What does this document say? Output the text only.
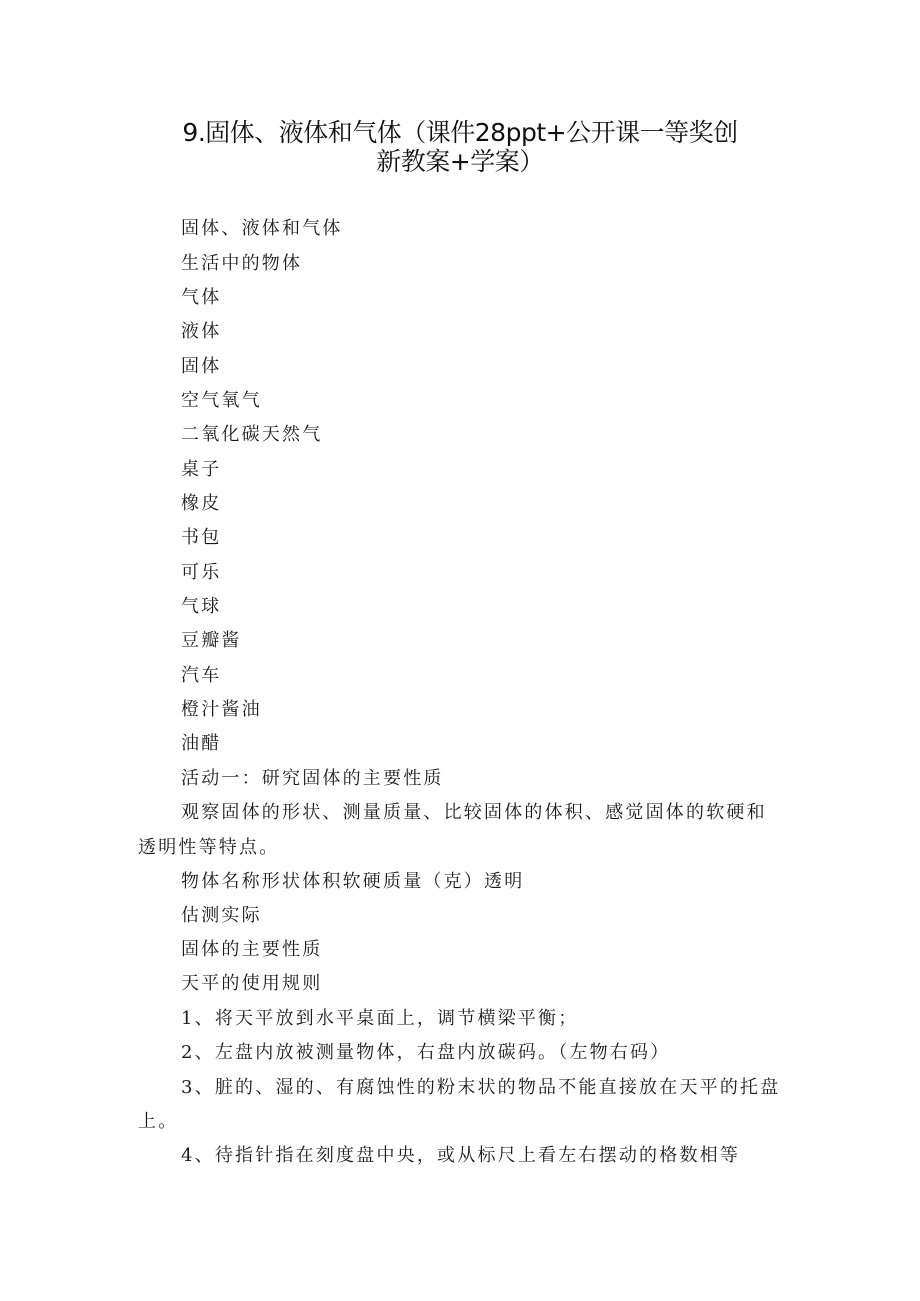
9.固体、液体和气体（课件28ppt+公开课一等奖创
新教案+学案）
固体、液体和气体
生活中的物体
气体
液体
固体
空气氧气
二氧化碳天然气
桌子
橡皮
书包
可乐
气球
豆瓣酱
汽车
橙汁酱油
油醋
活动一：研究固体的主要性质
观察固体的形状、测量质量、比较固体的体积、感觉固体的软硬和
透明性等特点。
物体名称形状体积软硬质量（克）透明
估测实际
固体的主要性质
天平的使用规则
1、将天平放到水平桌面上，调节横梁平衡；
2、左盘内放被测量物体，右盘内放碳码。（左物右码）
3、脏的、湿的、有腐蚀性的粉末状的物品不能直接放在天平的托盘
上。
4、待指针指在刻度盘中央，或从标尺上看左右摆动的格数相等
